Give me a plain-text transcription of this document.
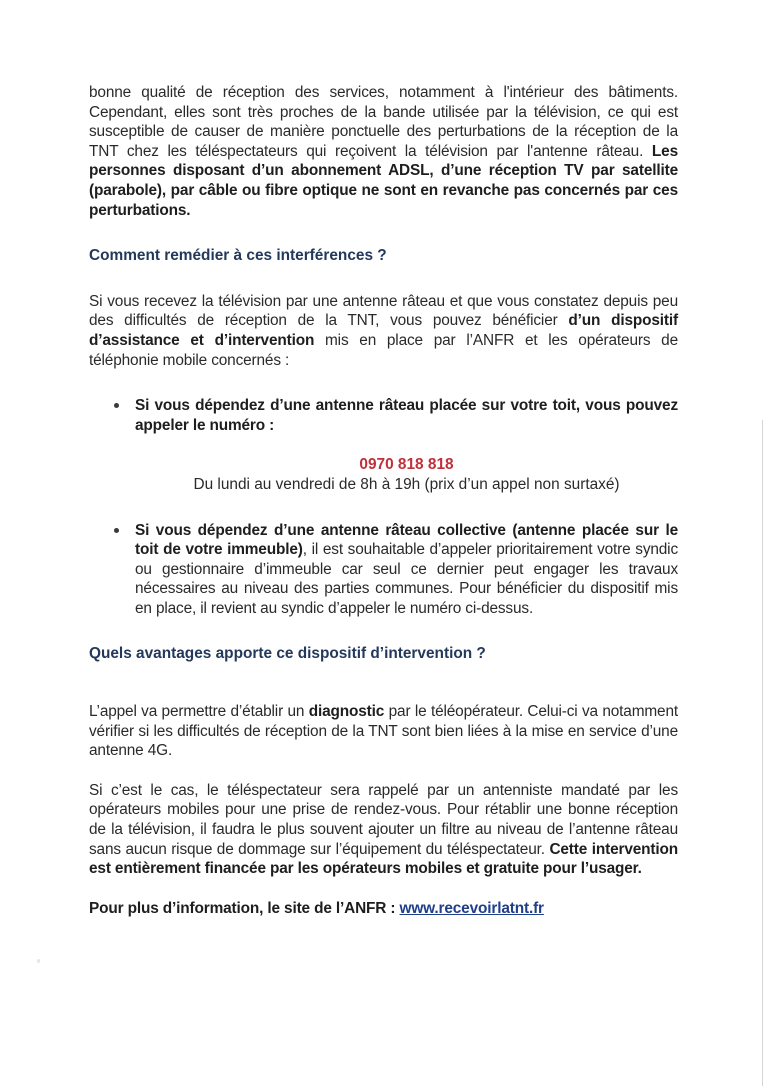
bonne qualité de réception des services, notamment à l'intérieur des bâtiments. Cependant, elles sont très proches de la bande utilisée par la télévision, ce qui est susceptible de causer de manière ponctuelle des perturbations de la réception de la TNT chez les téléspectateurs qui reçoivent la télévision par l'antenne râteau. Les personnes disposant d’un abonnement ADSL, d’une réception TV par satellite (parabole), par câble ou fibre optique ne sont en revanche pas concernés par ces perturbations.

Comment remédier à ces interférences ?

Si vous recevez la télévision par une antenne râteau et que vous constatez depuis peu des difficultés de réception de la TNT, vous pouvez bénéficier d’un dispositif d’assistance et d’intervention mis en place par l’ANFR et les opérateurs de téléphonie mobile concernés :

Si vous dépendez d’une antenne râteau placée sur votre toit, vous pouvez appeler le numéro :

0970 818 818
Du lundi au vendredi de 8h à 19h (prix d’un appel non surtaxé)

Si vous dépendez d’une antenne râteau collective (antenne placée sur le toit de votre immeuble), il est souhaitable d’appeler prioritairement votre syndic ou gestionnaire d’immeuble car seul ce dernier peut engager les travaux nécessaires au niveau des parties communes. Pour bénéficier du dispositif mis en place, il revient au syndic d’appeler le numéro ci-dessus.

Quels avantages apporte ce dispositif d’intervention ?

L’appel va permettre d’établir un diagnostic par le téléopérateur. Celui-ci va notamment vérifier si les difficultés de réception de la TNT sont bien liées à la mise en service d’une antenne 4G.

Si c’est le cas, le téléspectateur sera rappelé par un antenniste mandaté par les opérateurs mobiles pour une prise de rendez-vous. Pour rétablir une bonne réception de la télévision, il faudra le plus souvent ajouter un filtre au niveau de l’antenne râteau sans aucun risque de dommage sur l’équipement du téléspectateur. Cette intervention est entièrement financée par les opérateurs mobiles et gratuite pour l’usager.

Pour plus d’information, le site de l’ANFR : www.recevoirlatnt.fr
